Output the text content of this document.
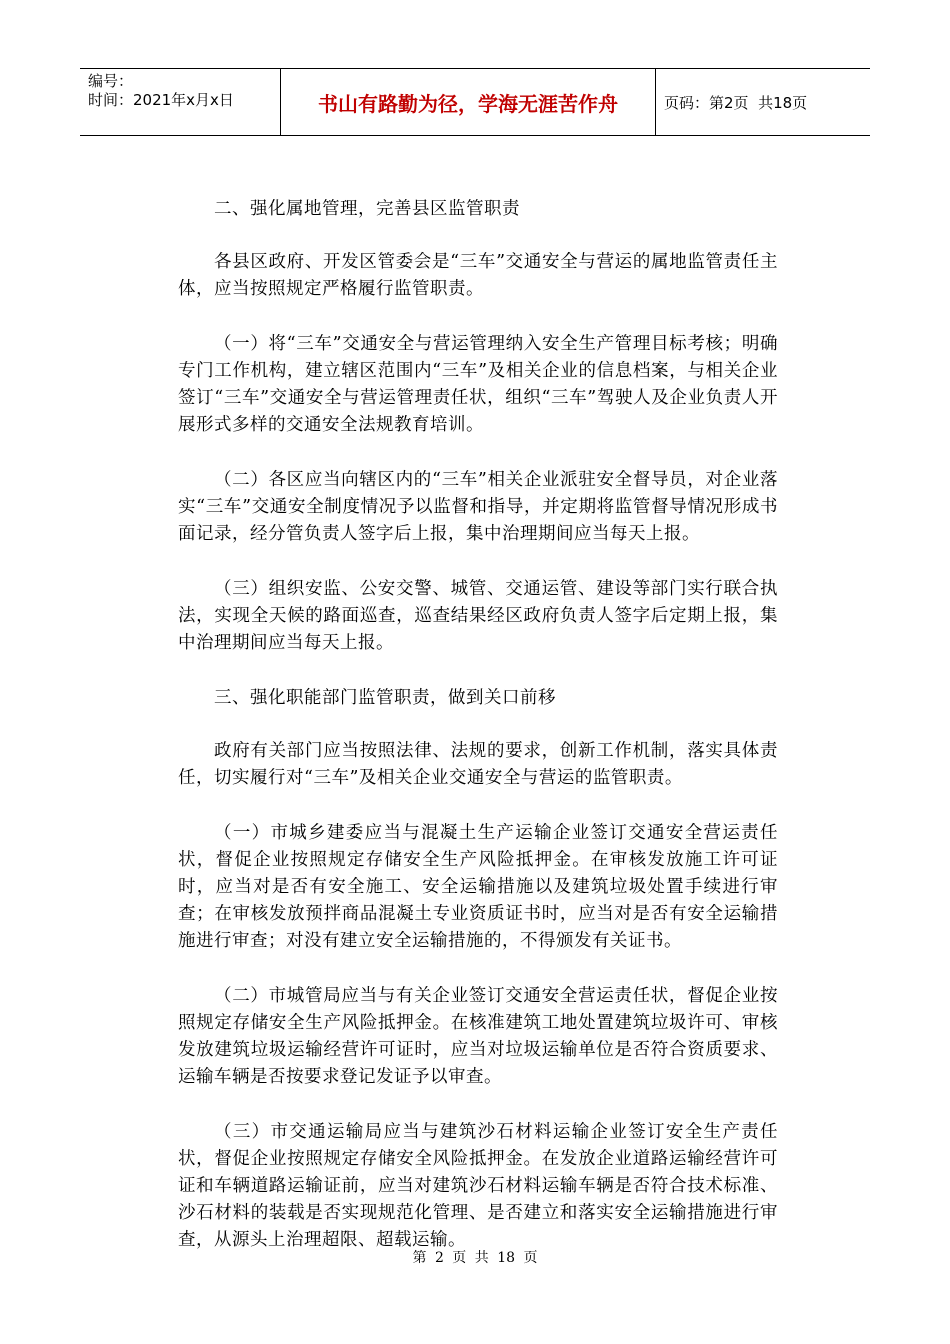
编号：
时间：2021年x月x日	书山有路勤为径，学海无涯苦作舟	页码：第2页  共18页

二、强化属地管理，完善县区监管职责

各县区政府、开发区管委会是“三车”交通安全与营运的属地监管责任主体，应当按照规定严格履行监管职责。

（一）将“三车”交通安全与营运管理纳入安全生产管理目标考核；明确专门工作机构，建立辖区范围内“三车”及相关企业的信息档案，与相关企业签订“三车”交通安全与营运管理责任状，组织“三车”驾驶人及企业负责人开展形式多样的交通安全法规教育培训。

（二）各区应当向辖区内的“三车”相关企业派驻安全督导员，对企业落实“三车”交通安全制度情况予以监督和指导，并定期将监管督导情况形成书面记录，经分管负责人签字后上报，集中治理期间应当每天上报。

（三）组织安监、公安交警、城管、交通运管、建设等部门实行联合执法，实现全天候的路面巡查，巡查结果经区政府负责人签字后定期上报，集中治理期间应当每天上报。

三、强化职能部门监管职责，做到关口前移

政府有关部门应当按照法律、法规的要求，创新工作机制，落实具体责任，切实履行对“三车”及相关企业交通安全与营运的监管职责。

（一）市城乡建委应当与混凝土生产运输企业签订交通安全营运责任状，督促企业按照规定存储安全生产风险抵押金。在审核发放施工许可证时，应当对是否有安全施工、安全运输措施以及建筑垃圾处置手续进行审查；在审核发放预拌商品混凝土专业资质证书时，应当对是否有安全运输措施进行审查；对没有建立安全运输措施的，不得颁发有关证书。

（二）市城管局应当与有关企业签订交通安全营运责任状，督促企业按照规定存储安全生产风险抵押金。在核准建筑工地处置建筑垃圾许可、审核发放建筑垃圾运输经营许可证时，应当对垃圾运输单位是否符合资质要求、运输车辆是否按要求登记发证予以审查。

（三）市交通运输局应当与建筑沙石材料运输企业签订安全生产责任状，督促企业按照规定存储安全风险抵押金。在发放企业道路运输经营许可证和车辆道路运输证前，应当对建筑沙石材料运输车辆是否符合技术标准、沙石材料的装载是否实现规范化管理、是否建立和落实安全运输措施进行审查，从源头上治理超限、超载运输。

第 2 页 共 18 页
